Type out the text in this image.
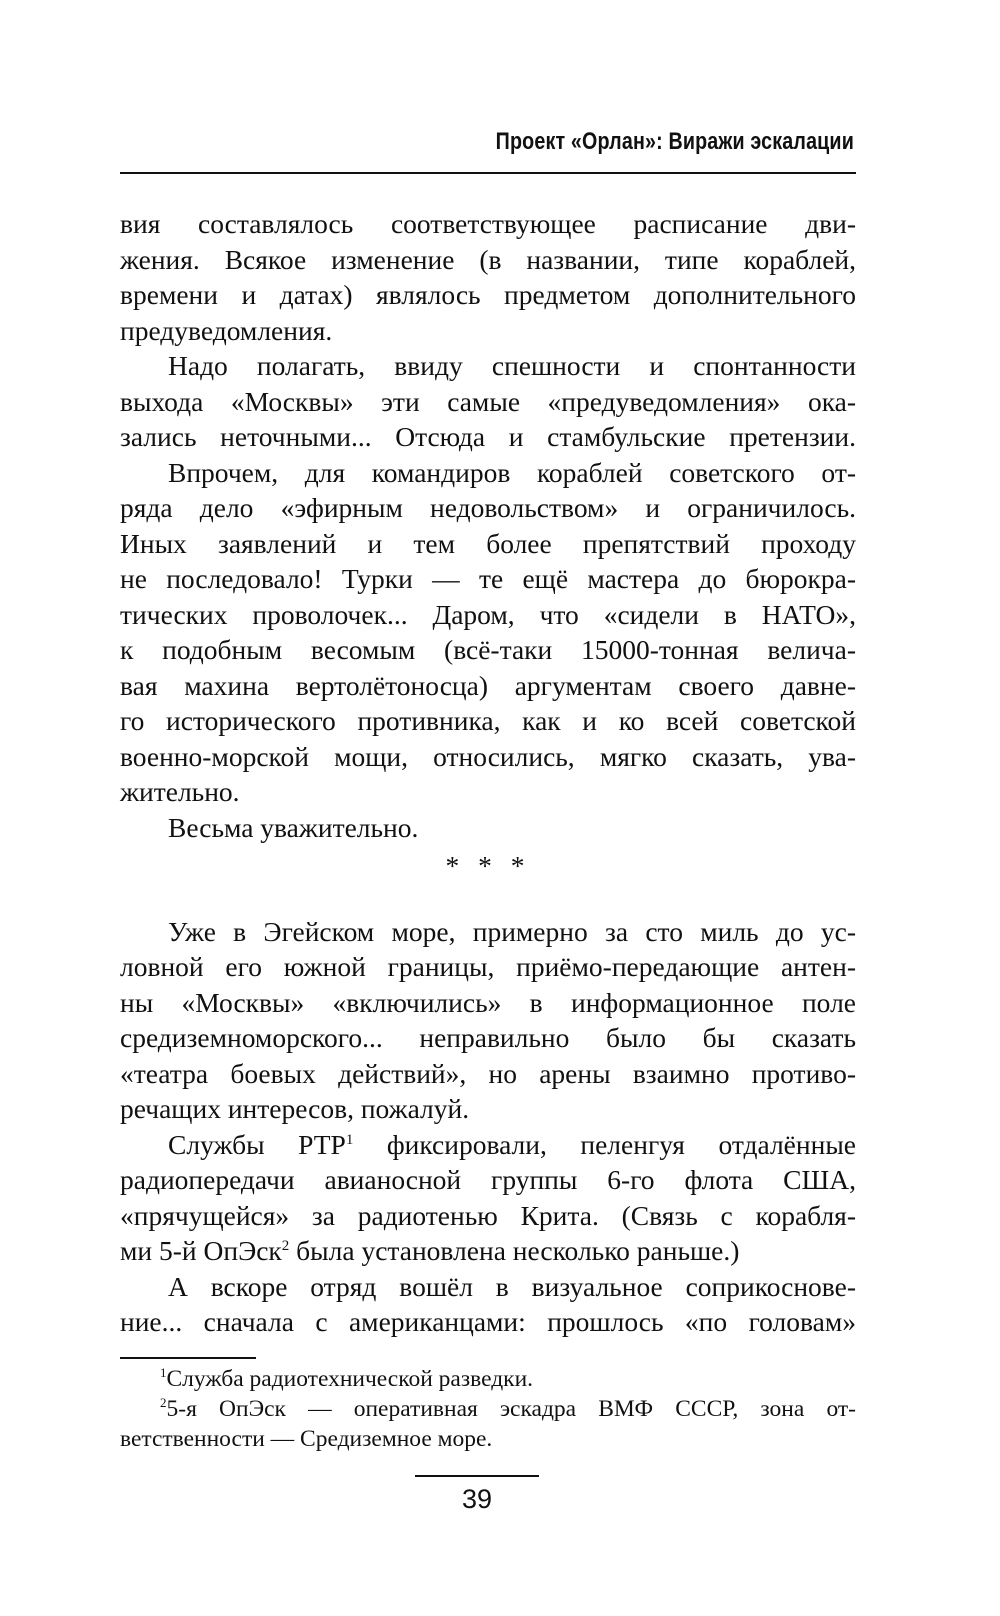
Проект «Орлан»: Виражи эскалации
вия составлялось соответствующее расписание дви-
жения. Всякое изменение (в названии, типе кораблей,
времени и датах) являлось предметом дополнительного
предуведомления.
Надо полагать, ввиду спешности и спонтанности
выхода «Москвы» эти самые «предуведомления» ока-
зались неточными... Отсюда и стамбульские претензии.
Впрочем, для командиров кораблей советского от-
ряда дело «эфирным недовольством» и ограничилось.
Иных заявлений и тем более препятствий проходу
не последовало! Турки — те ещё мастера до бюрокра-
тических проволочек... Даром, что «сидели в НАТО»,
к подобным весомым (всё-таки 15000-тонная велича-
вая махина вертолётоносца) аргументам своего давне-
го исторического противника, как и ко всей советской
военно-морской мощи, относились, мягко сказать, ува-
жительно.
Весьма уважительно.
* * *
Уже в Эгейском море, примерно за сто миль до ус-
ловной его южной границы, приёмо-передающие антен-
ны «Москвы» «включились» в информационное поле
средиземноморского... неправильно было бы сказать
«театра боевых действий», но арены взаимно противо-
речащих интересов, пожалуй.
Службы РТР$^1$ фиксировали, пеленгуя отдалённые
радиопередачи авианосной группы 6-го флота США,
«прячущейся» за радиотенью Крита. (Связь с корабля-
ми 5-й ОпЭск$^2$ была установлена несколько раньше.)
А вскоре отряд вошёл в визуальное соприкоснове-
ние... сначала с американцами: прошлось «по головам»
$^1$Служба радиотехнической разведки.
$^2$5-я ОпЭск — оперативная эскадра ВМФ СССР, зона от-
ветственности — Средиземное море.
39
